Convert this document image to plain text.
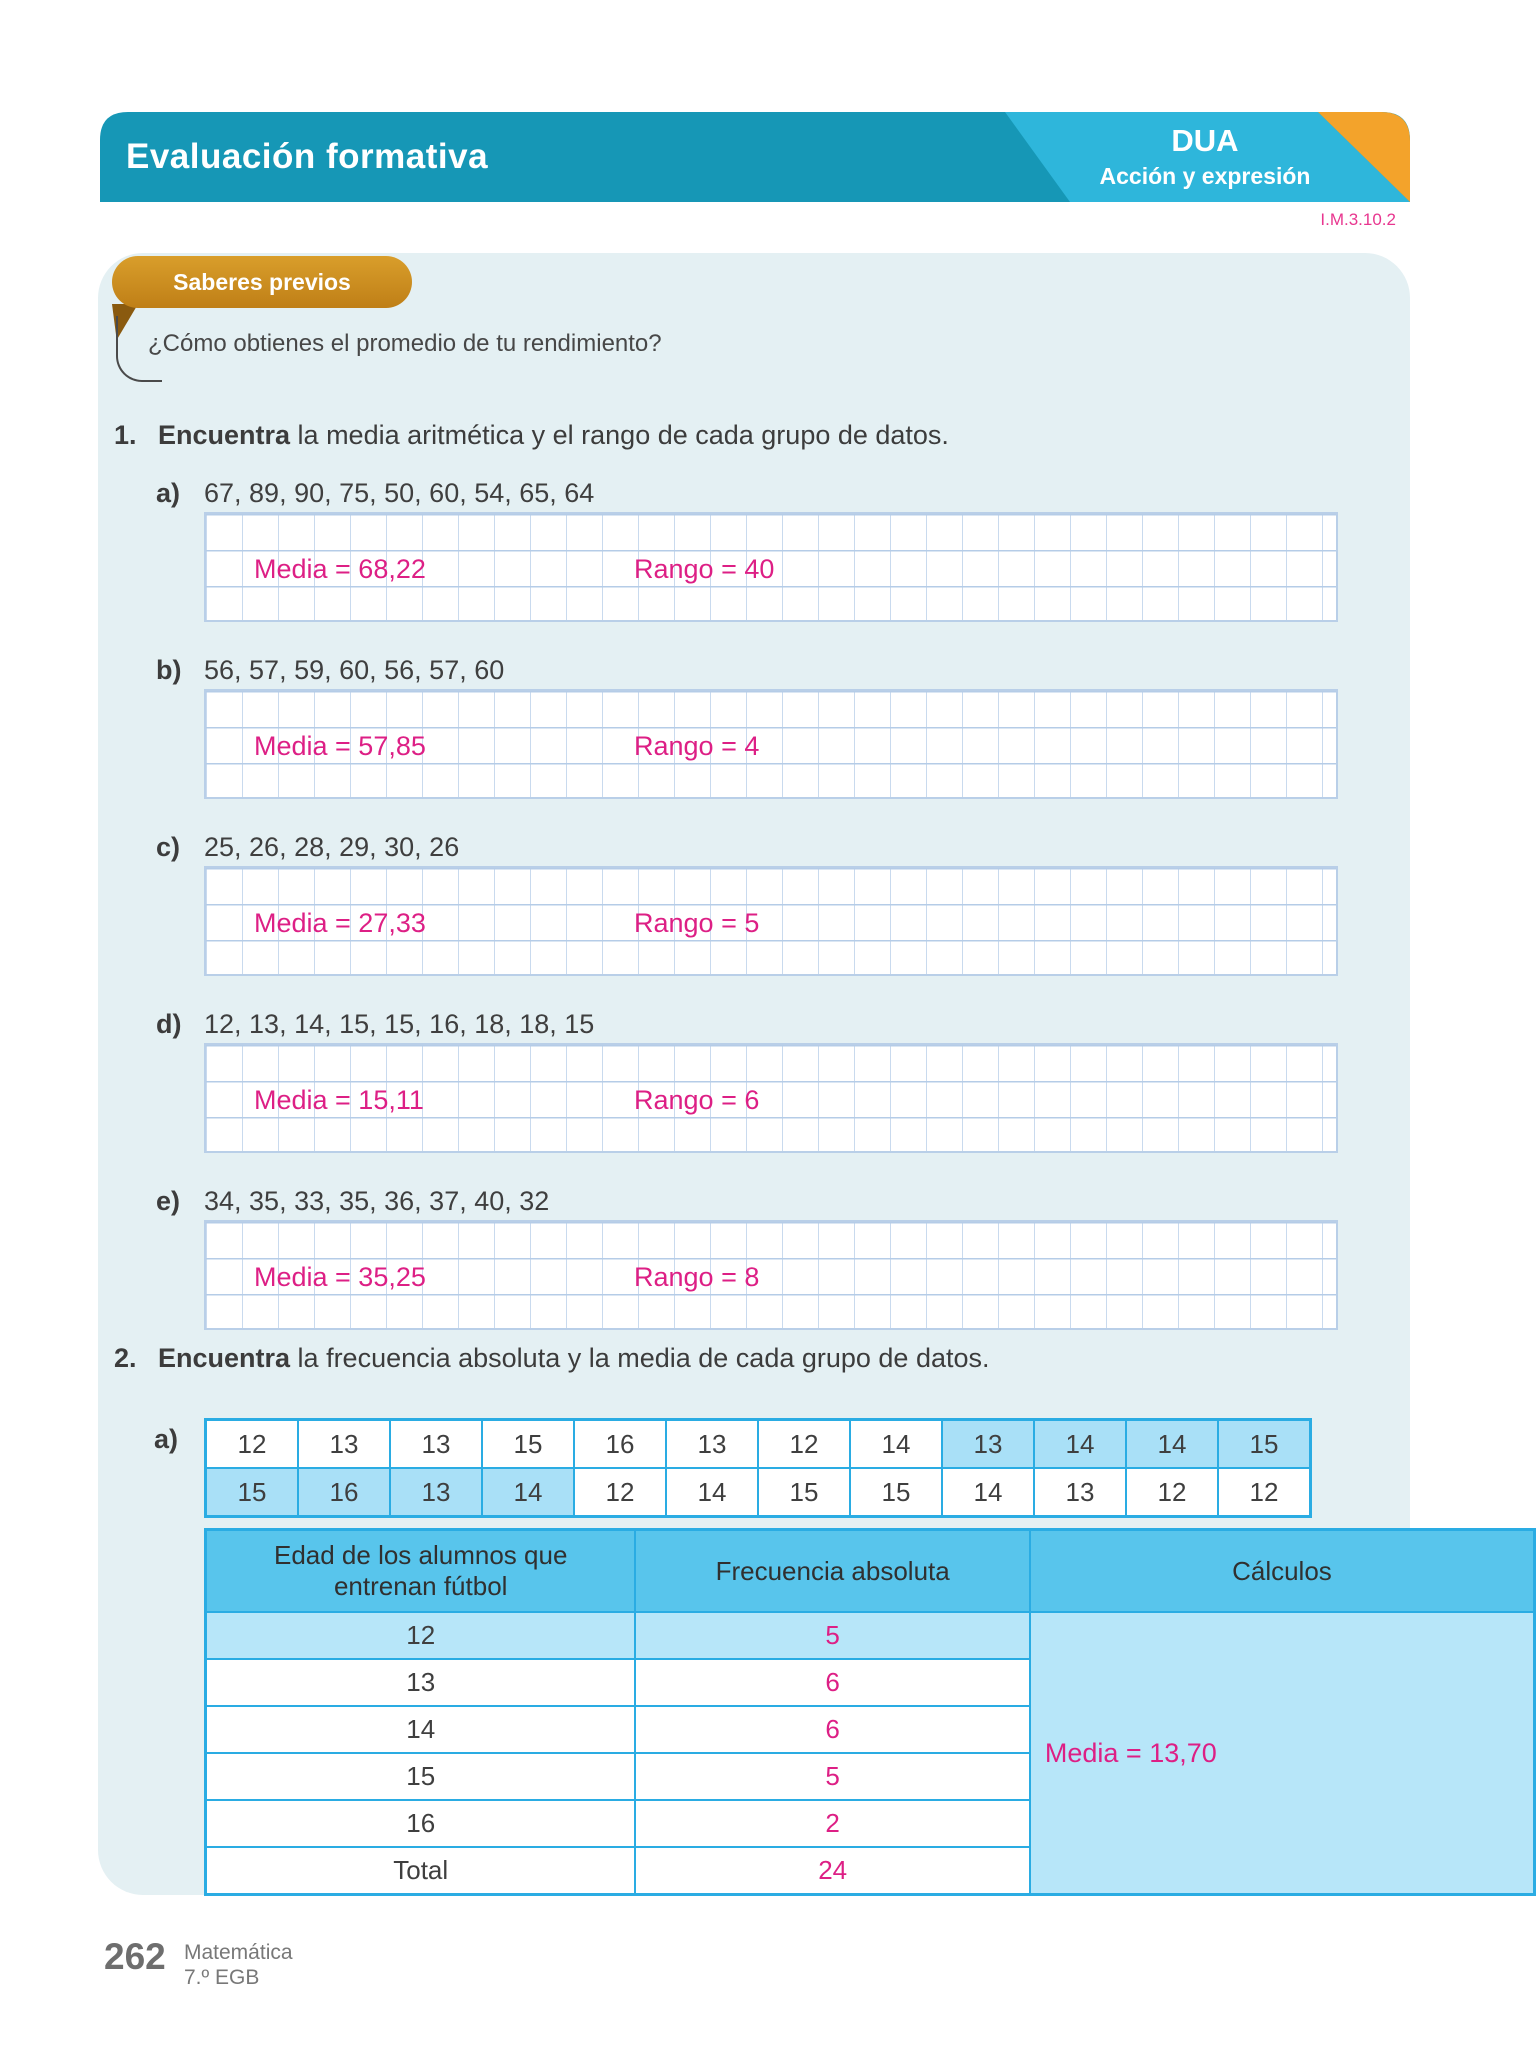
Evaluación formativa	DUA
Acción y expresión
I.M.3.10.2
Saberes previos
¿Cómo obtienes el promedio de tu rendimiento?
1. Encuentra la media aritmética y el rango de cada grupo de datos.
a) 67, 89, 90, 75, 50, 60, 54, 65, 64
Media = 68,22	Rango = 40
b) 56, 57, 59, 60, 56, 57, 60
Media = 57,85	Rango = 4
c) 25, 26, 28, 29, 30, 26
Media = 27,33	Rango = 5
d) 12, 13, 14, 15, 15, 16, 18, 18, 15
Media = 15,11	Rango = 6
e) 34, 35, 33, 35, 36, 37, 40, 32
Media = 35,25	Rango = 8
2. Encuentra la frecuencia absoluta y la media de cada grupo de datos.
a) 12	13	13	15	16	13	12	14	13	14	14	15
15	16	13	14	12	14	15	15	14	13	12	12
Edad de los alumnos que entrenan fútbol	Frecuencia absoluta	Cálculos
12	5	Media = 13,70
13	6	
14	6	
15	5	
16	2	
Total	24	
262 Matemática
7.º EGB
